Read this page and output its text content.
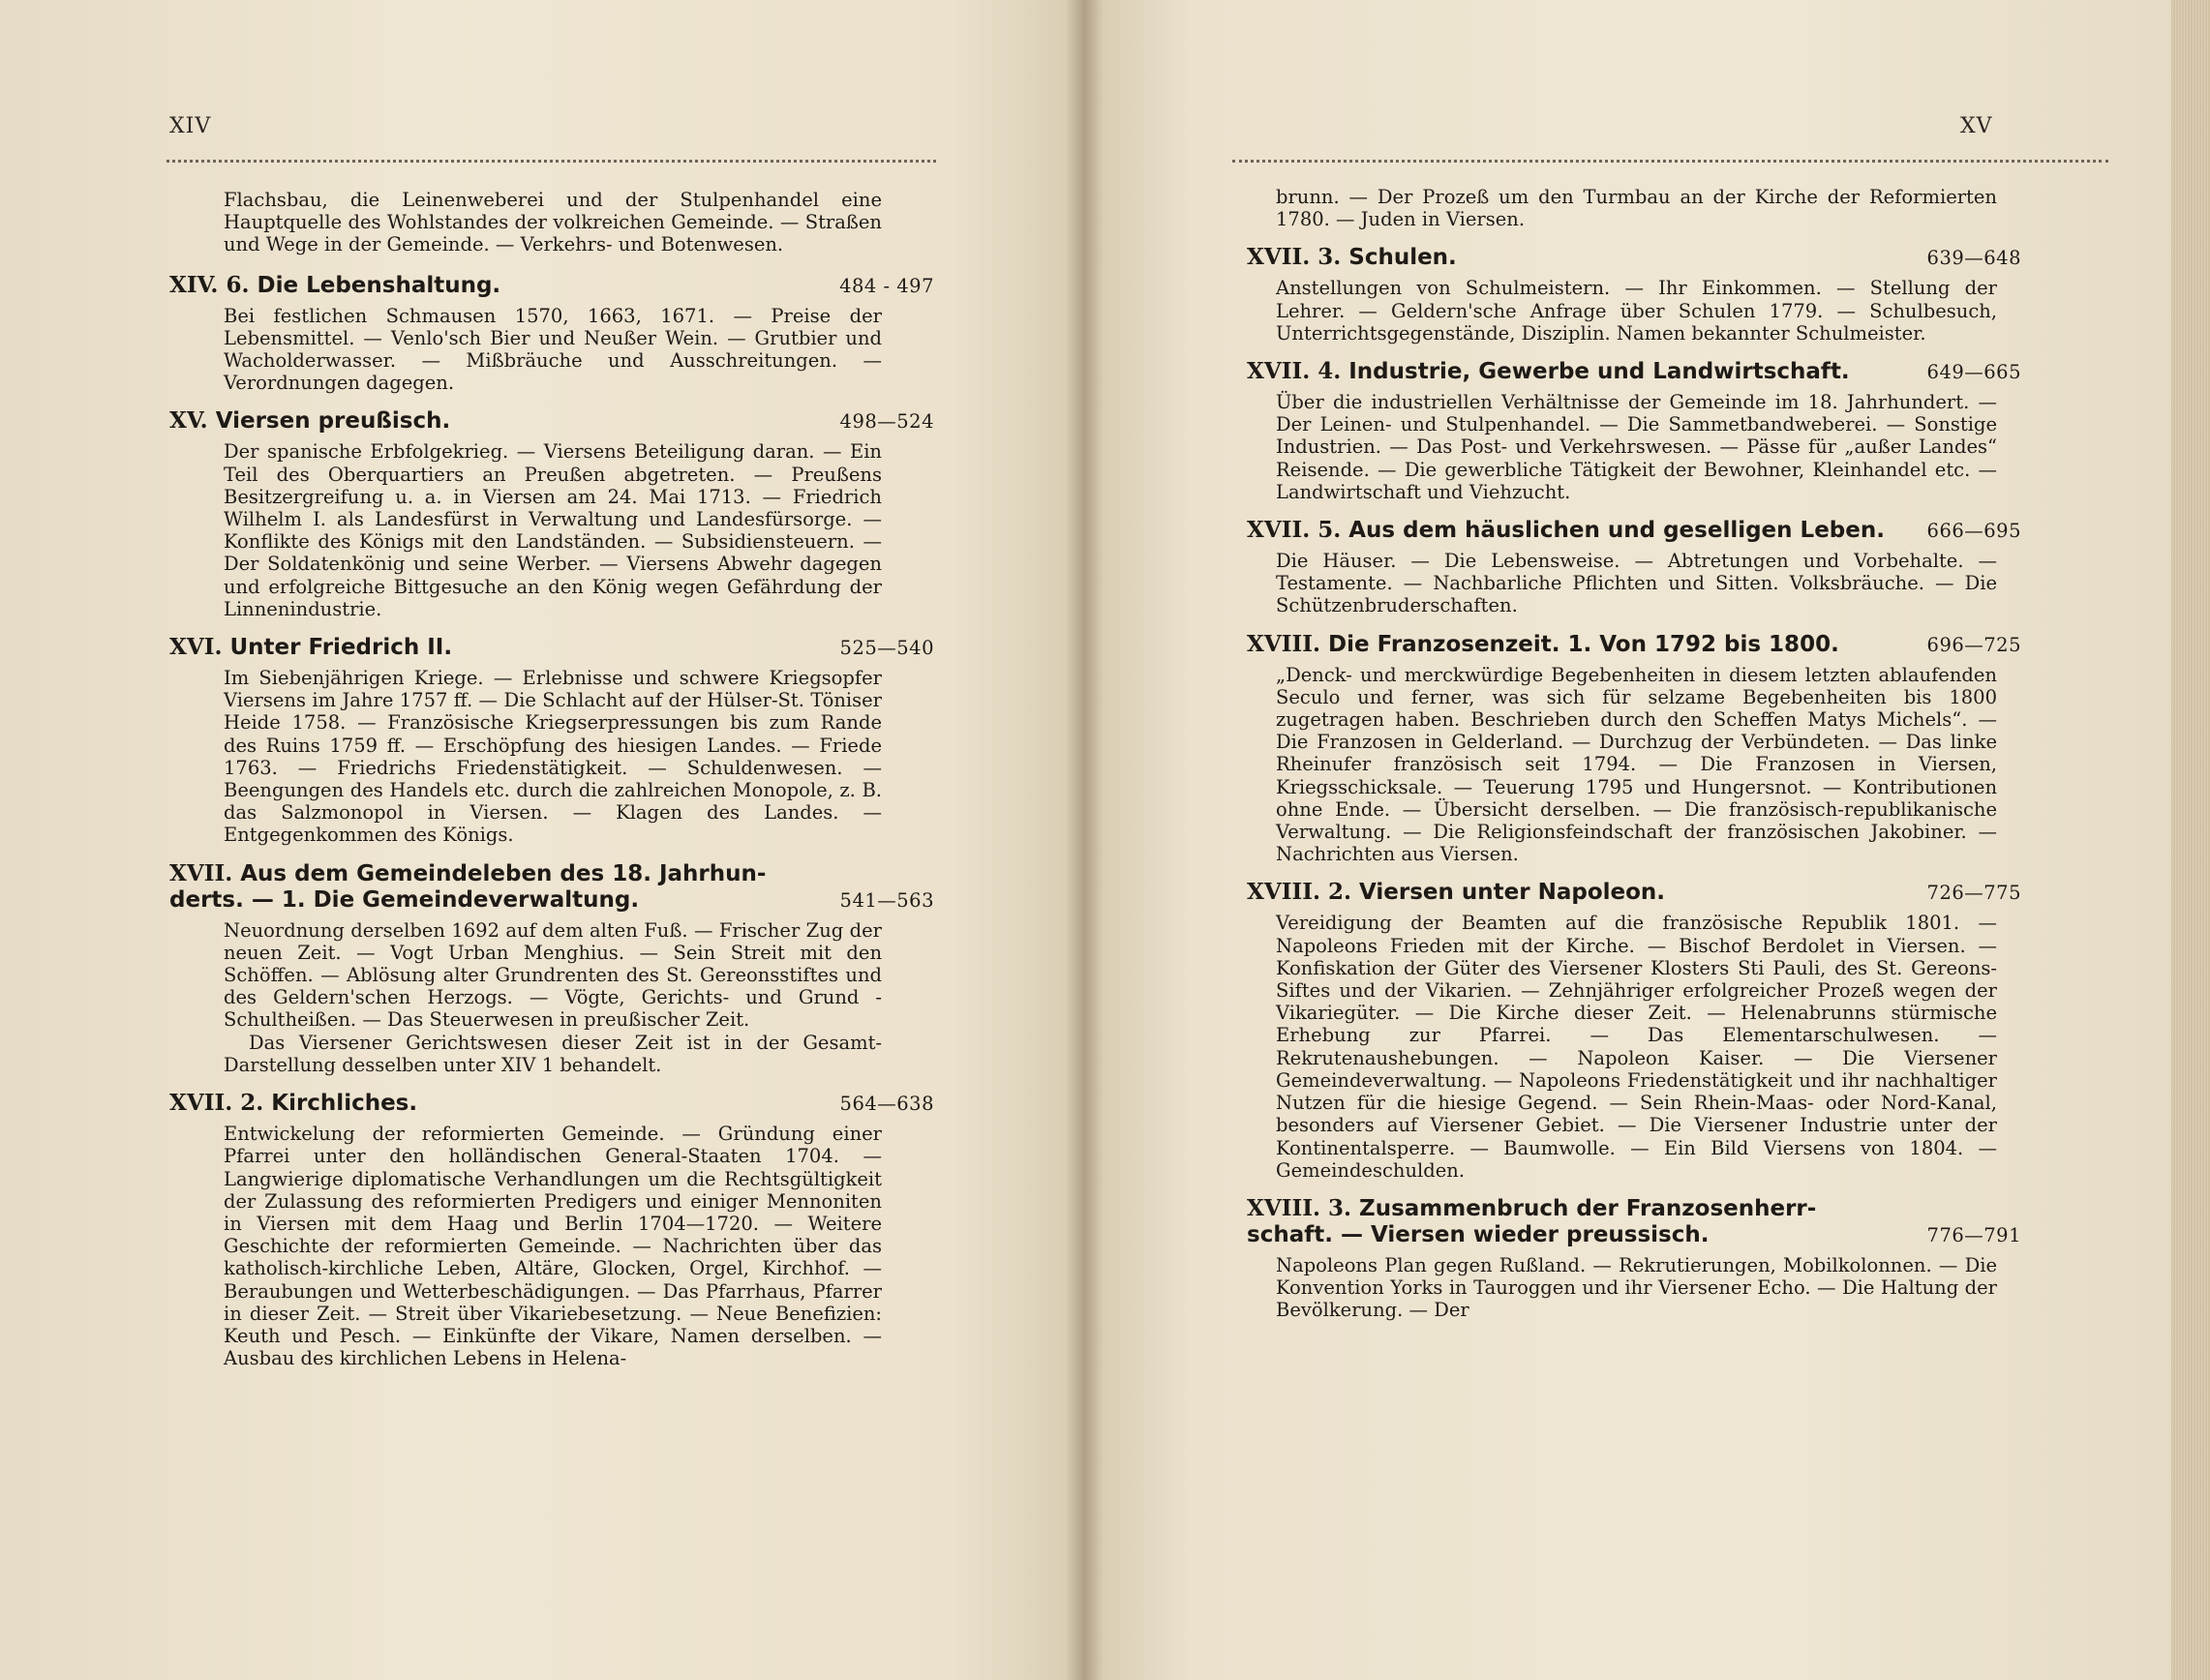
XIV

Flachsbau, die Leinenweberei und der Stulpenhandel eine Hauptquelle des Wohlstandes der volkreichen Gemeinde. — Straßen und Wege in der Gemeinde. — Verkehrs- und Botenwesen.

XIV. 6. Die Lebenshaltung.	484 - 497

Bei festlichen Schmausen 1570, 1663, 1671. — Preise der Lebensmittel. — Venlo'sch Bier und Neußer Wein. — Grutbier und Wacholderwasser. — Mißbräuche und Ausschreitungen. — Verordnungen dagegen.

XV. Viersen preußisch.	498—524

Der spanische Erbfolgekrieg. — Viersens Beteiligung daran. — Ein Teil des Oberquartiers an Preußen abgetreten. — Preußens Besitzergreifung u. a. in Viersen am 24. Mai 1713. — Friedrich Wilhelm I. als Landesfürst in Verwaltung und Landesfürsorge. — Konflikte des Königs mit den Landständen. — Subsidiensteuern. — Der Soldatenkönig und seine Werber. — Viersens Abwehr dagegen und erfolgreiche Bittgesuche an den König wegen Gefährdung der Linnenindustrie.

XVI. Unter Friedrich II.	525—540

Im Siebenjährigen Kriege. — Erlebnisse und schwere Kriegsopfer Viersens im Jahre 1757 ff. — Die Schlacht auf der Hülser-St. Töniser Heide 1758. — Französische Kriegserpressungen bis zum Rande des Ruins 1759 ff. — Erschöpfung des hiesigen Landes. — Friede 1763. — Friedrichs Friedenstätigkeit. — Schuldenwesen. — Beengungen des Handels etc. durch die zahlreichen Monopole, z. B. das Salzmonopol in Viersen. — Klagen des Landes. — Entgegenkommen des Königs.

XVII. Aus dem Gemeindeleben des 18. Jahrhun-
derts. — 1. Die Gemeindeverwaltung.	541—563

Neuordnung derselben 1692 auf dem alten Fuß. — Frischer Zug der neuen Zeit. — Vogt Urban Menghius. — Sein Streit mit den Schöffen. — Ablösung alter Grundrenten des St. Gereonsstiftes und des Geldern'schen Herzogs. — Vögte, Gerichts- und Grund - Schultheißen. — Das Steuerwesen in preußischer Zeit.

Das Viersener Gerichtswesen dieser Zeit ist in der Gesamt-Darstellung desselben unter XIV 1 behandelt.

XVII. 2. Kirchliches.	564—638

Entwickelung der reformierten Gemeinde. — Gründung einer Pfarrei unter den holländischen General-Staaten 1704. — Langwierige diplomatische Verhandlungen um die Rechtsgültigkeit der Zulassung des reformierten Predigers und einiger Mennoniten in Viersen mit dem Haag und Berlin 1704—1720. — Weitere Geschichte der reformierten Gemeinde. — Nachrichten über das katholisch-kirchliche Leben, Altäre, Glocken, Orgel, Kirchhof. — Beraubungen und Wetterbeschädigungen. — Das Pfarrhaus, Pfarrer in dieser Zeit. — Streit über Vikariebesetzung. — Neue Benefizien: Keuth und Pesch. — Einkünfte der Vikare, Namen derselben. — Ausbau des kirchlichen Lebens in Helena-

XV

brunn. — Der Prozeß um den Turmbau an der Kirche der Reformierten 1780. — Juden in Viersen.

XVII. 3. Schulen.	639—648

Anstellungen von Schulmeistern. — Ihr Einkommen. — Stellung der Lehrer. — Geldern'sche Anfrage über Schulen 1779. — Schulbesuch, Unterrichtsgegenstände, Disziplin. Namen bekannter Schulmeister.

XVII. 4. Industrie, Gewerbe und Landwirtschaft.	649—665

Über die industriellen Verhältnisse der Gemeinde im 18. Jahrhundert. — Der Leinen- und Stulpenhandel. — Die Sammetbandweberei. — Sonstige Industrien. — Das Post- und Verkehrswesen. — Pässe für „außer Landes“ Reisende. — Die gewerbliche Tätigkeit der Bewohner, Kleinhandel etc. — Landwirtschaft und Viehzucht.

XVII. 5. Aus dem häuslichen und geselligen Leben.	666—695

Die Häuser. — Die Lebensweise. — Abtretungen und Vorbehalte. — Testamente. — Nachbarliche Pflichten und Sitten. Volksbräuche. — Die Schützenbruderschaften.

XVIII. Die Franzosenzeit. 1. Von 1792 bis 1800.	696—725

„Denck- und merckwürdige Begebenheiten in diesem letzten ablaufenden Seculo und ferner, was sich für selzame Begebenheiten bis 1800 zugetragen haben. Beschrieben durch den Scheffen Matys Michels“. — Die Franzosen in Gelderland. — Durchzug der Verbündeten. — Das linke Rheinufer französisch seit 1794. — Die Franzosen in Viersen, Kriegsschicksale. — Teuerung 1795 und Hungersnot. — Kontributionen ohne Ende. — Übersicht derselben. — Die französisch-republikanische Verwaltung. — Die Religionsfeindschaft der französischen Jakobiner. — Nachrichten aus Viersen.

XVIII. 2. Viersen unter Napoleon.	726—775

Vereidigung der Beamten auf die französische Republik 1801. — Napoleons Frieden mit der Kirche. — Bischof Berdolet in Viersen. — Konfiskation der Güter des Viersener Klosters Sti Pauli, des St. Gereons-Siftes und der Vikarien. — Zehnjähriger erfolgreicher Prozeß wegen der Vikariegüter. — Die Kirche dieser Zeit. — Helenabrunns stürmische Erhebung zur Pfarrei. — Das Elementarschulwesen. — Rekrutenaushebungen. — Napoleon Kaiser. — Die Viersener Gemeindeverwaltung. — Napoleons Friedenstätigkeit und ihr nachhaltiger Nutzen für die hiesige Gegend. — Sein Rhein-Maas- oder Nord-Kanal, besonders auf Viersener Gebiet. — Die Viersener Industrie unter der Kontinentalsperre. — Baumwolle. — Ein Bild Viersens von 1804. — Gemeindeschulden.

XVIII. 3. Zusammenbruch der Franzosenherr-
schaft. — Viersen wieder preussisch.	776—791

Napoleons Plan gegen Rußland. — Rekrutierungen, Mobilkolonnen. — Die Konvention Yorks in Tauroggen und ihr Viersener Echo. — Die Haltung der Bevölkerung. — Der
